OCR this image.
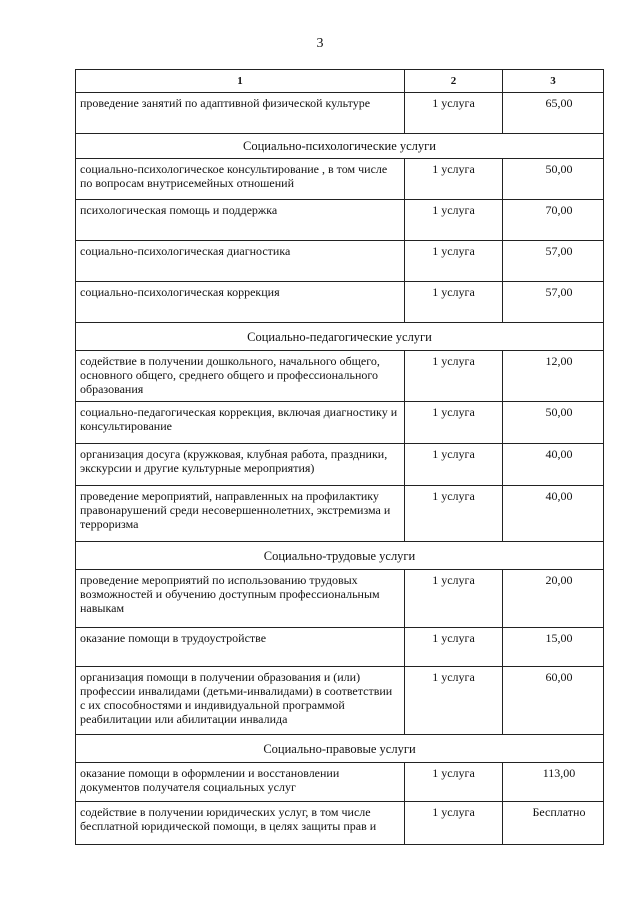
3
1	2	3
проведение занятий по адаптивной физической культуре	1 услуга	65,00
Социально-психологические услуги		
социально-психологическое консультирование , в том числе по вопросам внутрисемейных отношений	1 услуга	50,00
психологическая помощь и поддержка	1 услуга	70,00
социально-психологическая диагностика	1 услуга	57,00
социально-психологическая коррекция	1 услуга	57,00
Социально-педагогические услуги		
содействие в получении дошкольного, начального общего, основного общего, среднего общего и профессионального образования	1 услуга	12,00
социально-педагогическая коррекция, включая диагностику и консультирование	1 услуга	50,00
организация досуга (кружковая, клубная работа, праздники, экскурсии и другие культурные мероприятия)	1 услуга	40,00
проведение мероприятий, направленных на профилактику правонарушений среди несовершеннолетних, экстремизма и терроризма	1 услуга	40,00
Социально-трудовые услуги		
проведение мероприятий по использованию трудовых возможностей и обучению доступным профессиональным навыкам	1 услуга	20,00
оказание помощи в трудоустройстве	1 услуга	15,00
организация помощи в получении образования и (или) профессии инвалидами (детьми-инвалидами) в соответствии с их способностями и индивидуальной программой реабилитации или абилитации инвалида	1 услуга	60,00
Социально-правовые услуги		
оказание помощи в оформлении и восстановлении документов получателя социальных услуг	1 услуга	113,00
содействие в получении юридических услуг, в том числе бесплатной юридической помощи, в целях защиты прав и	1 услуга	Бесплатно
